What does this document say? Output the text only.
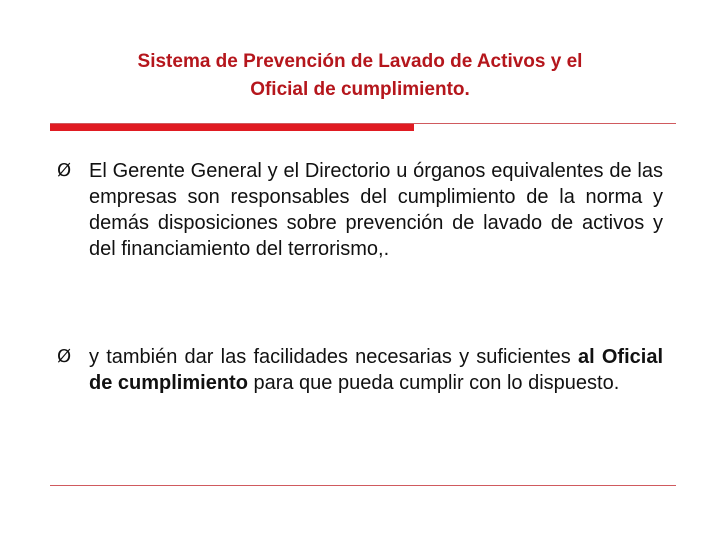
Sistema de Prevención de Lavado de Activos y el
Oficial de cumplimiento.
Ø El Gerente General y el Directorio u órganos equivalentes de las empresas son responsables del cumplimiento de la norma y demás disposiciones sobre prevención de lavado de activos y del financiamiento del terrorismo,.
Ø y también dar las facilidades necesarias y suficientes al Oficial de cumplimiento para que pueda cumplir con lo dispuesto.
